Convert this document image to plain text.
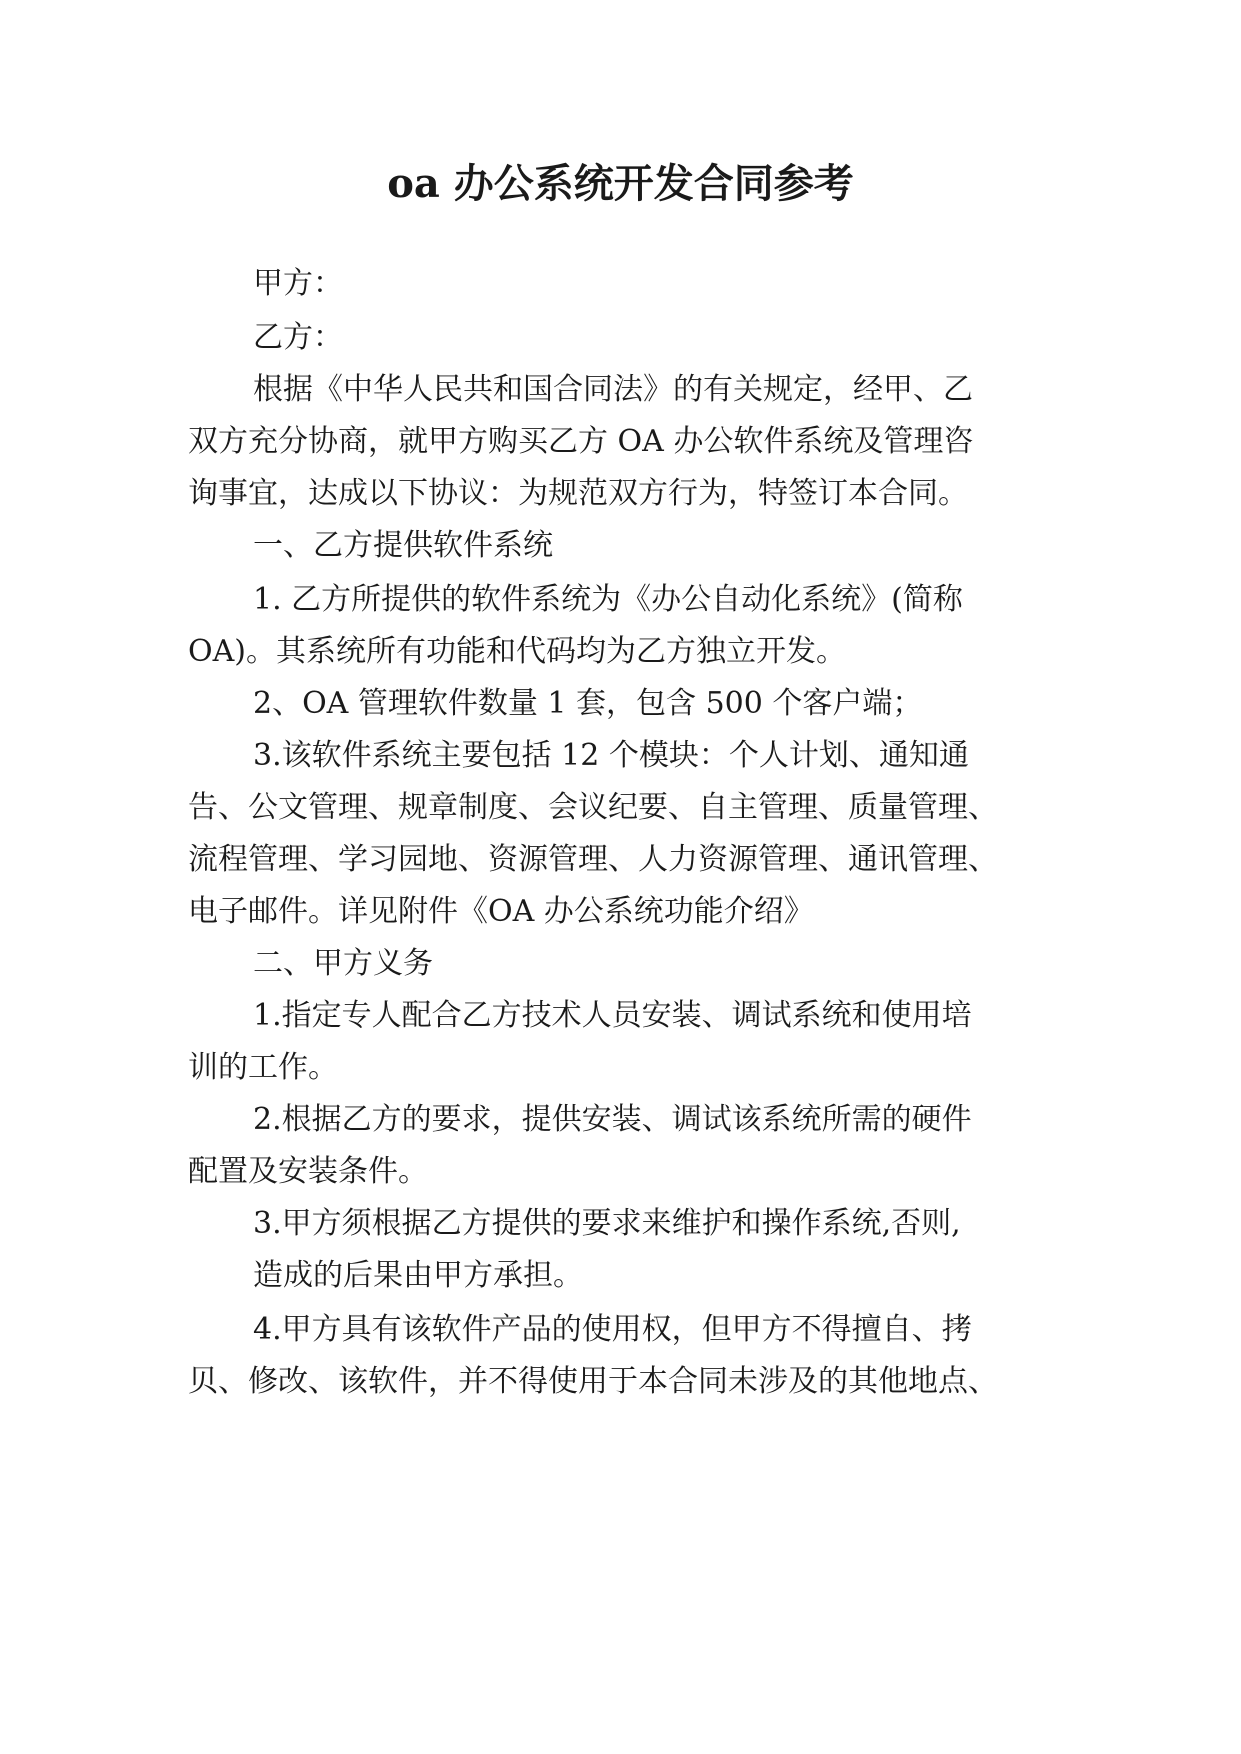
oa 办公系统开发合同参考
甲方：
乙方：
根据《中华人民共和国合同法》的有关规定，经甲、乙
双方充分协商，就甲方购买乙方 OA 办公软件系统及管理咨
询事宜，达成以下协议：为规范双方行为，特签订本合同。
一、乙方提供软件系统
1. 乙方所提供的软件系统为《办公自动化系统》(简称
OA)。其系统所有功能和代码均为乙方独立开发。
2、OA 管理软件数量 1 套，包含 500 个客户端；
3.该软件系统主要包括 12 个模块：个人计划、通知通
告、公文管理、规章制度、会议纪要、自主管理、质量管理、
流程管理、学习园地、资源管理、人力资源管理、通讯管理、
电子邮件。详见附件《OA 办公系统功能介绍》
二、甲方义务
1.指定专人配合乙方技术人员安装、调试系统和使用培
训的工作。
2.根据乙方的要求，提供安装、调试该系统所需的硬件
配置及安装条件。
3.甲方须根据乙方提供的要求来维护和操作系统,否则,
造成的后果由甲方承担。
4.甲方具有该软件产品的使用权，但甲方不得擅自、拷
贝、修改、该软件，并不得使用于本合同未涉及的其他地点、
